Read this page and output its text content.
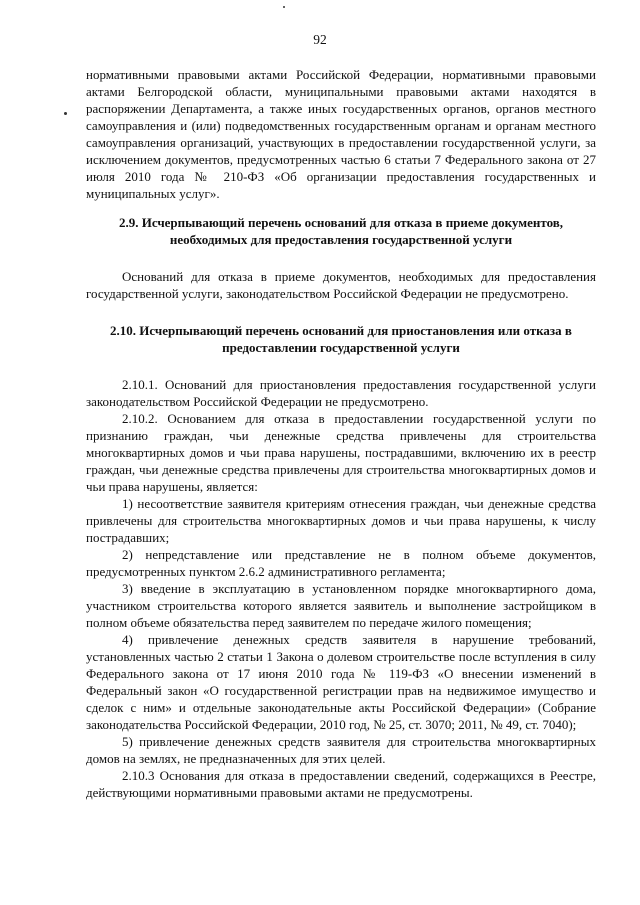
92

нормативными правовыми актами Российской Федерации, нормативными правовыми актами Белгородской области, муниципальными правовыми актами находятся в распоряжении Департамента, а также иных государственных органов, органов местного самоуправления и (или) подведомственных государственным органам и органам местного самоуправления организаций, участвующих в предоставлении государственной услуги, за исключением документов, предусмотренных частью 6 статьи 7 Федерального закона от 27 июля 2010 года № 210-ФЗ «Об организации предоставления государственных и муниципальных услуг».

2.9. Исчерпывающий перечень оснований для отказа в приеме документов, необходимых для предоставления государственной услуги

Оснований для отказа в приеме документов, необходимых для предоставления государственной услуги, законодательством Российской Федерации не предусмотрено.

2.10. Исчерпывающий перечень оснований для приостановления или отказа в предоставлении государственной услуги

2.10.1. Оснований для приостановления предоставления государственной услуги законодательством Российской Федерации не предусмотрено.

2.10.2. Основанием для отказа в предоставлении государственной услуги по признанию граждан, чьи денежные средства привлечены для строительства многоквартирных домов и чьи права нарушены, пострадавшими, включению их в реестр граждан, чьи денежные средства привлечены для строительства многоквартирных домов и чьи права нарушены, является:

1) несоответствие заявителя критериям отнесения граждан, чьи денежные средства привлечены для строительства многоквартирных домов и чьи права нарушены, к числу пострадавших;

2) непредставление или представление не в полном объеме документов, предусмотренных пунктом 2.6.2 административного регламента;

3) введение в эксплуатацию в установленном порядке многоквартирного дома, участником строительства которого является заявитель и выполнение застройщиком в полном объеме обязательства перед заявителем по передаче жилого помещения;

4) привлечение денежных средств заявителя в нарушение требований, установленных частью 2 статьи 1 Закона о долевом строительстве после вступления в силу Федерального закона от 17 июня 2010 года № 119-ФЗ «О внесении изменений в Федеральный закон «О государственной регистрации прав на недвижимое имущество и сделок с ним» и отдельные законодательные акты Российской Федерации» (Собрание законодательства Российской Федерации, 2010 год, № 25, ст. 3070; 2011, № 49, ст. 7040);

5) привлечение денежных средств заявителя для строительства многоквартирных домов на землях, не предназначенных для этих целей.

2.10.3 Основания для отказа в предоставлении сведений, содержащихся в Реестре, действующими нормативными правовыми актами не предусмотрены.
